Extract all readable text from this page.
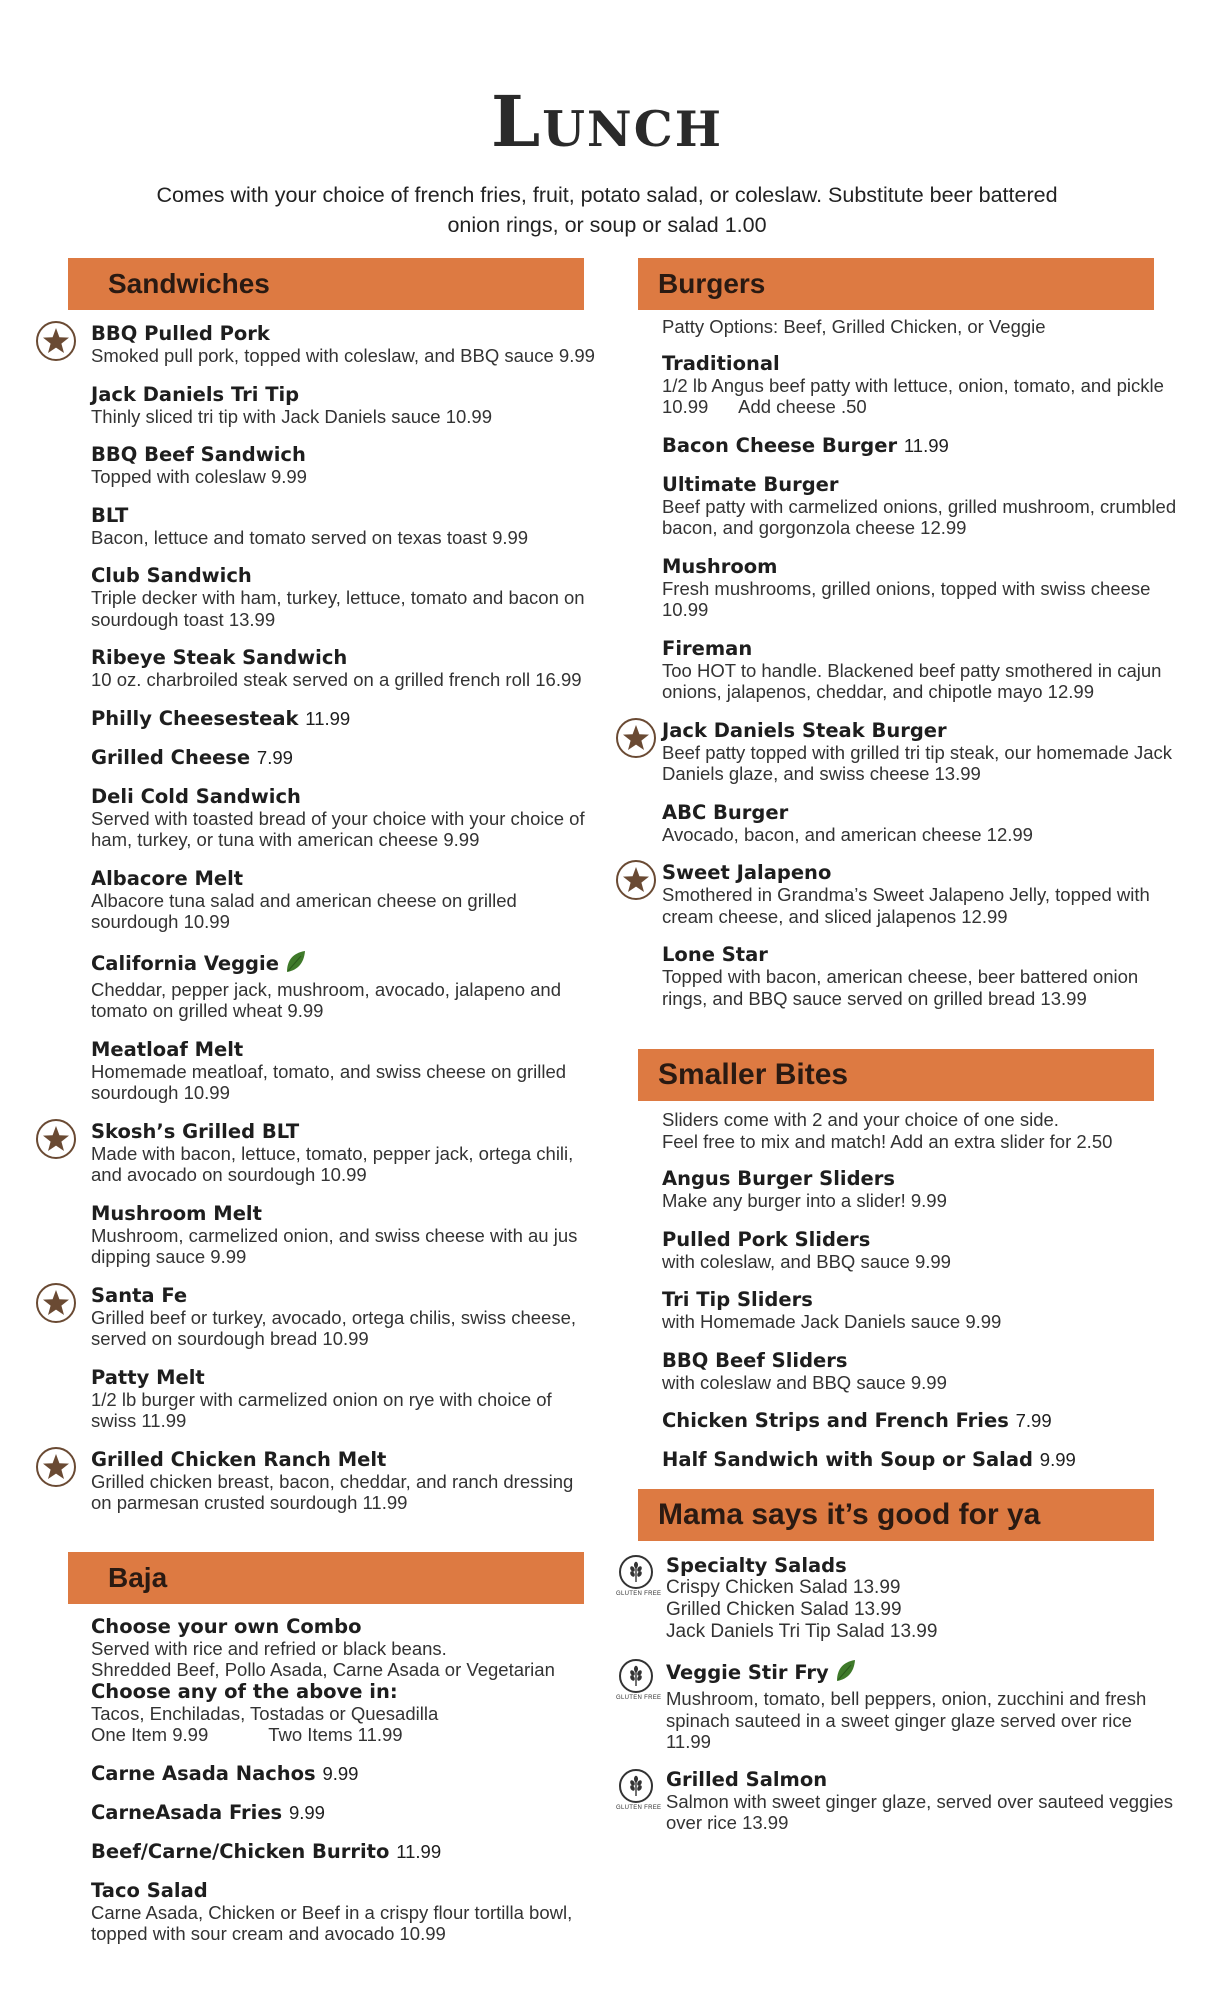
Lunch
Comes with your choice of french fries, fruit, potato salad, or coleslaw. Substitute beer battered onion rings, or soup or salad 1.00
Sandwiches
BBQ Pulled Pork
Smoked pull pork, topped with coleslaw, and BBQ sauce 9.99
Jack Daniels Tri Tip
Thinly sliced tri tip with Jack Daniels sauce 10.99
BBQ Beef Sandwich
Topped with coleslaw 9.99
BLT
Bacon, lettuce and tomato served on texas toast 9.99
Club Sandwich
Triple decker with ham, turkey, lettuce, tomato and bacon on sourdough toast 13.99
Ribeye Steak Sandwich
10 oz. charbroiled steak served on a grilled french roll 16.99
Philly Cheesesteak 11.99
Grilled Cheese 7.99
Deli Cold Sandwich
Served with toasted bread of your choice with your choice of ham, turkey, or tuna with american cheese 9.99
Albacore Melt
Albacore tuna salad and american cheese on grilled sourdough 10.99
California Veggie
Cheddar, pepper jack, mushroom, avocado, jalapeno and tomato on grilled wheat 9.99
Meatloaf Melt
Homemade meatloaf, tomato, and swiss cheese on grilled sourdough 10.99
Skosh’s Grilled BLT
Made with bacon, lettuce, tomato, pepper jack, ortega chili, and avocado on sourdough 10.99
Mushroom Melt
Mushroom, carmelized onion, and swiss cheese with au jus dipping sauce 9.99
Santa Fe
Grilled beef or turkey, avocado, ortega chilis, swiss cheese, served on sourdough bread 10.99
Patty Melt
1/2 lb burger with carmelized onion on rye with choice of swiss 11.99
Grilled Chicken Ranch Melt
Grilled chicken breast, bacon, cheddar, and ranch dressing on parmesan crusted sourdough 11.99
Baja
Choose your own Combo
Served with rice and refried or black beans.
Shredded Beef, Pollo Asada, Carne Asada or Vegetarian
Choose any of the above in:
Tacos, Enchiladas, Tostadas or Quesadilla
One Item 9.99	Two Items 11.99
Carne Asada Nachos 9.99
CarneAsada Fries 9.99
Beef/Carne/Chicken Burrito 11.99
Taco Salad
Carne Asada, Chicken or Beef in a crispy flour tortilla bowl, topped with sour cream and avocado 10.99
Burgers
Patty Options: Beef, Grilled Chicken, or Veggie
Traditional
1/2 lb Angus beef patty with lettuce, onion, tomato, and pickle 10.99      Add cheese .50
Bacon Cheese Burger 11.99
Ultimate Burger
Beef patty with carmelized onions, grilled mushroom, crumbled bacon, and gorgonzola cheese 12.99
Mushroom
Fresh mushrooms, grilled onions, topped with swiss cheese 10.99
Fireman
Too HOT to handle. Blackened beef patty smothered in cajun onions, jalapenos, cheddar, and chipotle mayo 12.99
Jack Daniels Steak Burger
Beef patty topped with grilled tri tip steak, our homemade Jack Daniels glaze, and swiss cheese 13.99
ABC Burger
Avocado, bacon, and american cheese 12.99
Sweet Jalapeno
Smothered in Grandma’s Sweet Jalapeno Jelly, topped with cream cheese, and sliced jalapenos 12.99
Lone Star
Topped with bacon, american cheese, beer battered onion rings, and BBQ sauce served on grilled bread 13.99
Smaller Bites
Sliders come with 2 and your choice of one side.
Feel free to mix and match! Add an extra slider for 2.50
Angus Burger Sliders
Make any burger into a slider! 9.99
Pulled Pork Sliders
with coleslaw, and BBQ sauce 9.99
Tri Tip Sliders
with Homemade Jack Daniels sauce 9.99
BBQ Beef Sliders
with coleslaw and BBQ sauce 9.99
Chicken Strips and French Fries 7.99
Half Sandwich with Soup or Salad 9.99
Mama says it’s good for ya
GLUTEN FREE
Specialty Salads
Crispy Chicken Salad 13.99
Grilled Chicken Salad 13.99
Jack Daniels Tri Tip Salad 13.99
GLUTEN FREE
Veggie Stir Fry
Mushroom, tomato, bell peppers, onion, zucchini and fresh spinach sauteed in a sweet ginger glaze served over rice 11.99
GLUTEN FREE
Grilled Salmon
Salmon with sweet ginger glaze, served over sauteed veggies over rice 13.99
